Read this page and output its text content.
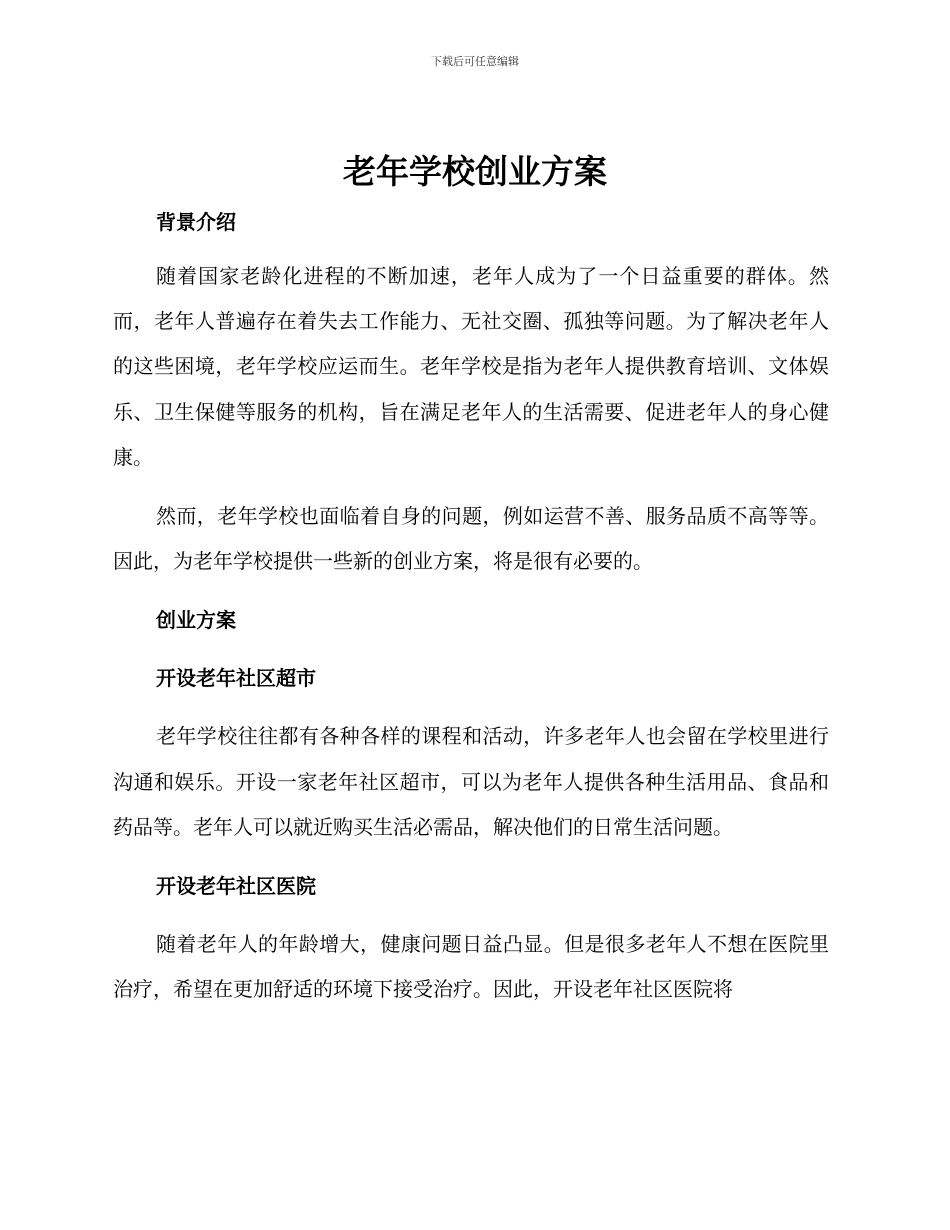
下载后可任意编辑
老年学校创业方案
背景介绍

随着国家老龄化进程的不断加速，老年人成为了一个日益重要的群体。然而，老年人普遍存在着失去工作能力、无社交圈、孤独等问题。为了解决老年人的这些困境，老年学校应运而生。老年学校是指为老年人提供教育培训、文体娱乐、卫生保健等服务的机构，旨在满足老年人的生活需要、促进老年人的身心健康。

然而，老年学校也面临着自身的问题，例如运营不善、服务品质不高等等。因此，为老年学校提供一些新的创业方案，将是很有必要的。

创业方案
开设老年社区超市

老年学校往往都有各种各样的课程和活动，许多老年人也会留在学校里进行沟通和娱乐。开设一家老年社区超市，可以为老年人提供各种生活用品、食品和药品等。老年人可以就近购买生活必需品，解决他们的日常生活问题。

开设老年社区医院

随着老年人的年龄增大，健康问题日益凸显。但是很多老年人不想在医院里治疗，希望在更加舒适的环境下接受治疗。因此，开设老年社区医院将
